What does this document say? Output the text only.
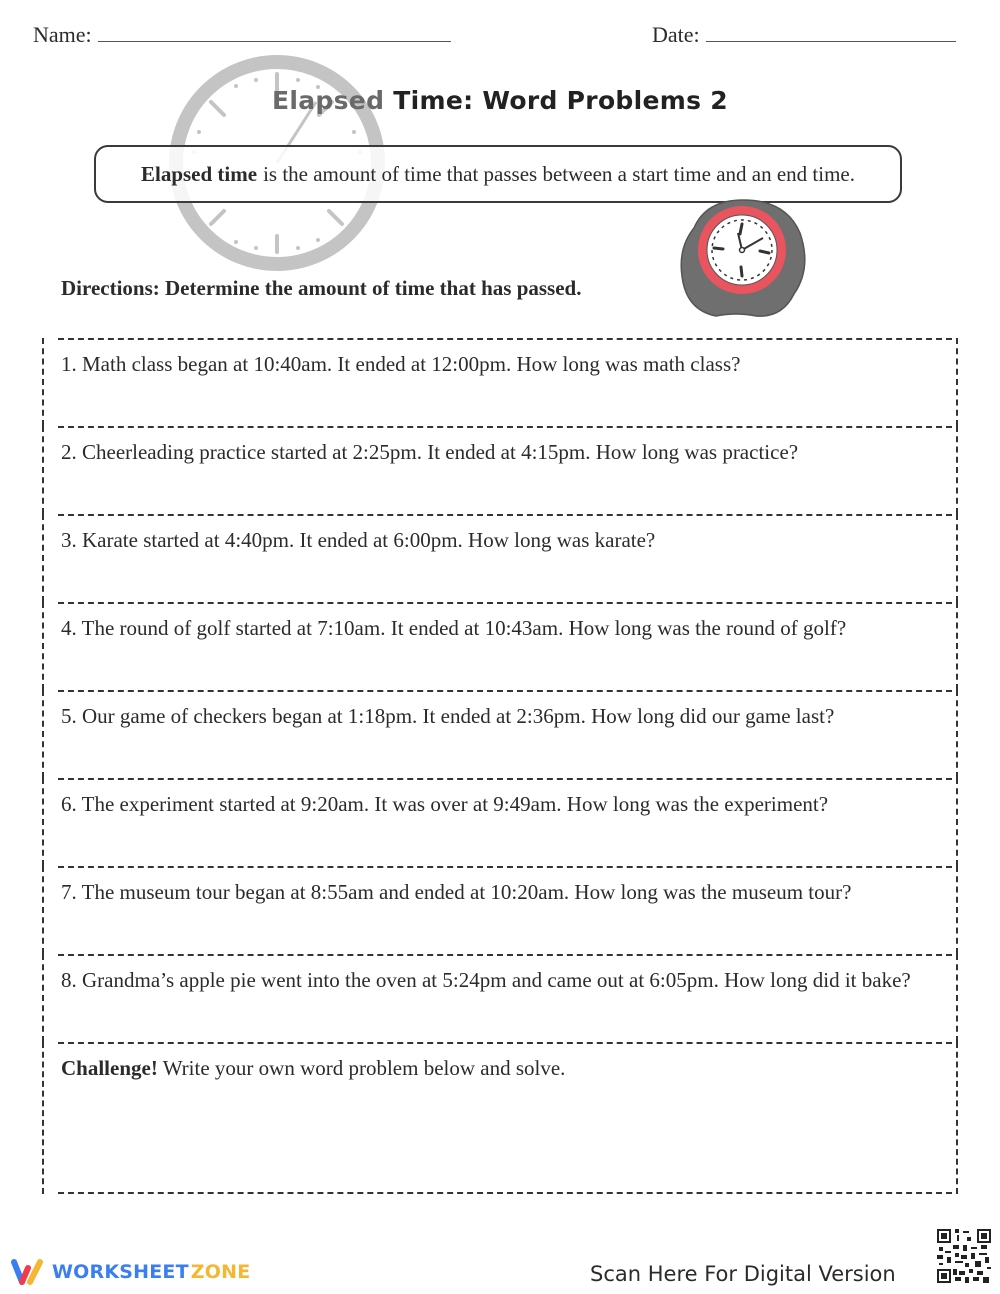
Name:	Date:
Elapsed Time: Word Problems 2
Elapsed time is the amount of time that passes between a start time and an end time.
Directions: Determine the amount of time that has passed.
1. Math class began at 10:40am. It ended at 12:00pm. How long was math class?
2. Cheerleading practice started at 2:25pm. It ended at 4:15pm. How long was practice?
3. Karate started at 4:40pm. It ended at 6:00pm. How long was karate?
4. The round of golf started at 7:10am. It ended at 10:43am. How long was the round of golf?
5. Our game of checkers began at 1:18pm. It ended at 2:36pm. How long did our game last?
6. The experiment started at 9:20am. It was over at 9:49am. How long was the experiment?
7. The museum tour began at 8:55am and ended at 10:20am. How long was the museum tour?
8. Grandma’s apple pie went into the oven at 5:24pm and came out at 6:05pm. How long did it bake?
Challenge! Write your own word problem below and solve.
WORKSHEET ZONE	Scan Here For Digital Version
